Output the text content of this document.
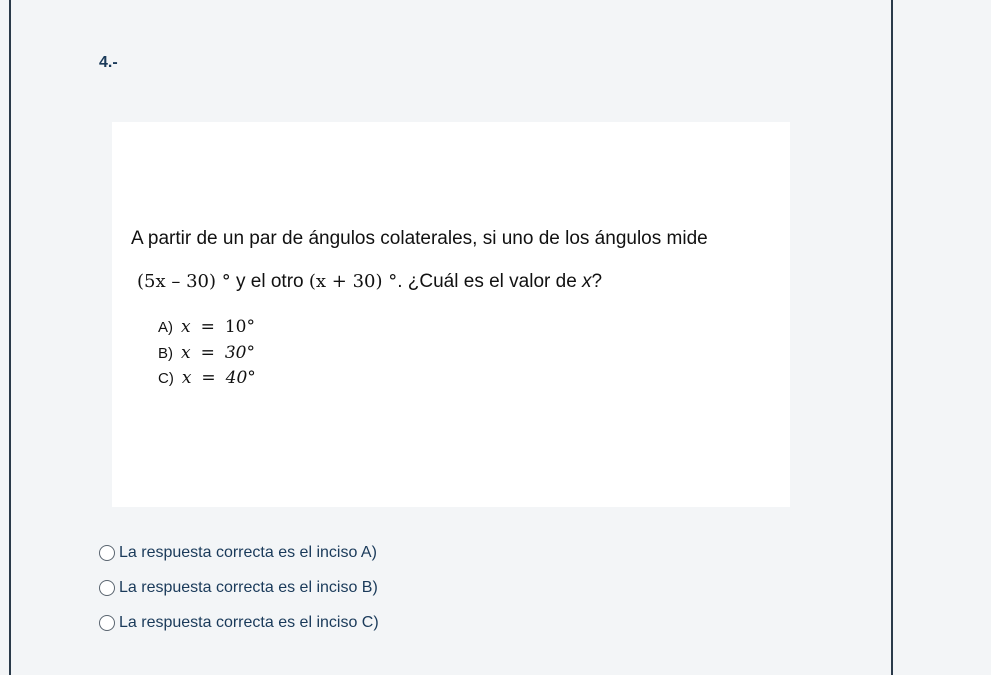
4.-
A partir de un par de ángulos colaterales, si uno de los ángulos mide
(5x – 30) ° y el otro (x + 30) °. ¿Cuál es el valor de x?
A) x = 10°
B) x = 30°
C) x = 40°
La respuesta correcta es el inciso A)
La respuesta correcta es el inciso B)
La respuesta correcta es el inciso C)
